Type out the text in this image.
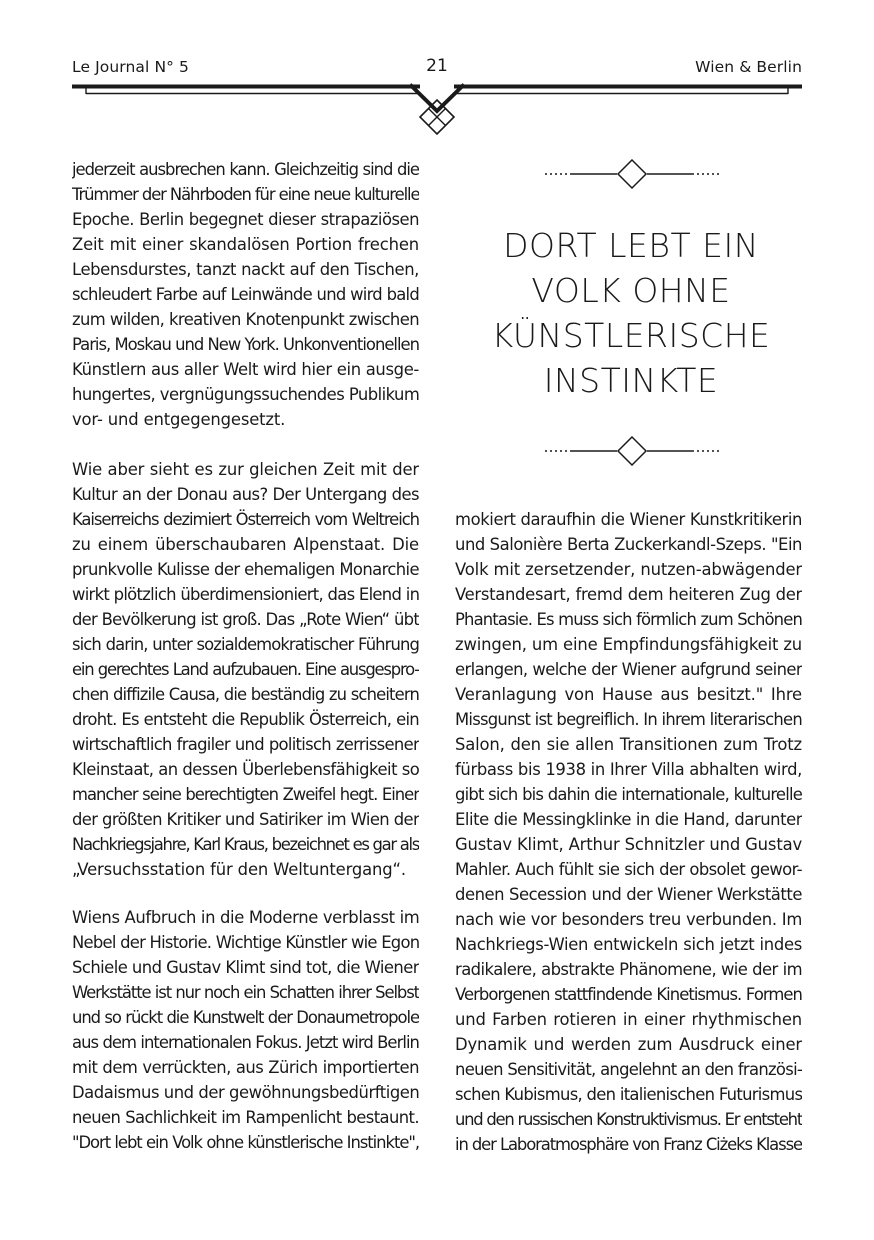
Le Journal N° 5	21	Wien & Berlin

jederzeit ausbrechen kann. Gleichzeitig sind die

Trümmer der Nährboden für eine neue kulturelle

Epoche. Berlin begegnet dieser strapaziösen

Zeit mit einer skandalösen Portion frechen

Lebensdurstes, tanzt nackt auf den Tischen,

schleudert Farbe auf Leinwände und wird bald

zum wilden, kreativen Knotenpunkt zwischen

Paris, Moskau und New York. Unkonventionellen

Künstlern aus aller Welt wird hier ein ausge-

hungertes, vergnügungssuchendes Publikum

vor- und entgegengesetzt.

Wie aber sieht es zur gleichen Zeit mit der

Kultur an der Donau aus? Der Untergang des

Kaiserreichs dezimiert Österreich vom Weltreich

zu einem überschaubaren Alpenstaat. Die

prunkvolle Kulisse der ehemaligen Monarchie

wirkt plötzlich überdimensioniert, das Elend in

der Bevölkerung ist groß. Das „Rote Wien“ übt

sich darin, unter sozialdemokratischer Führung

ein gerechtes Land aufzubauen. Eine ausgespro-

chen diffizile Causa, die beständig zu scheitern

droht. Es entsteht die Republik Österreich, ein

wirtschaftlich fragiler und politisch zerrissener

Kleinstaat, an dessen Überlebensfähigkeit so

mancher seine berechtigten Zweifel hegt. Einer

der größten Kritiker und Satiriker im Wien der

Nachkriegsjahre, Karl Kraus, bezeichnet es gar als

„Versuchsstation für den Weltuntergang“.

Wiens Aufbruch in die Moderne verblasst im

Nebel der Historie. Wichtige Künstler wie Egon

Schiele und Gustav Klimt sind tot, die Wiener

Werkstätte ist nur noch ein Schatten ihrer Selbst

und so rückt die Kunstwelt der Donaumetropole

aus dem internationalen Fokus. Jetzt wird Berlin

mit dem verrückten, aus Zürich importierten

Dadaismus und der gewöhnungsbedürftigen

neuen Sachlichkeit im Rampenlicht bestaunt.

"Dort lebt ein Volk ohne künstlerische Instinkte",

DORT LEBT EIN
VOLK OHNE
KÜNSTLERISCHE
INSTINKTE

mokiert daraufhin die Wiener Kunstkritikerin

und Salonière Berta Zuckerkandl-Szeps. "Ein

Volk mit zersetzender, nutzen-abwägender

Verstandesart, fremd dem heiteren Zug der

Phantasie. Es muss sich förmlich zum Schönen

zwingen, um eine Empfindungsfähigkeit zu

erlangen, welche der Wiener aufgrund seiner

Veranlagung von Hause aus besitzt." Ihre

Missgunst ist begreiflich. In ihrem literarischen

Salon, den sie allen Transitionen zum Trotz

fürbass bis 1938 in Ihrer Villa abhalten wird,

gibt sich bis dahin die internationale, kulturelle

Elite die Messingklinke in die Hand, darunter

Gustav Klimt, Arthur Schnitzler und Gustav

Mahler. Auch fühlt sie sich der obsolet gewor-

denen Secession und der Wiener Werkstätte

nach wie vor besonders treu verbunden. Im

Nachkriegs-Wien entwickeln sich jetzt indes

radikalere, abstrakte Phänomene, wie der im

Verborgenen stattfindende Kinetismus. Formen

und Farben rotieren in einer rhythmischen

Dynamik und werden zum Ausdruck einer

neuen Sensitivität, angelehnt an den französi-

schen Kubismus, den italienischen Futurismus

und den russischen Konstruktivismus. Er entsteht

in der Laboratmosphäre von Franz Ciżeks Klasse
